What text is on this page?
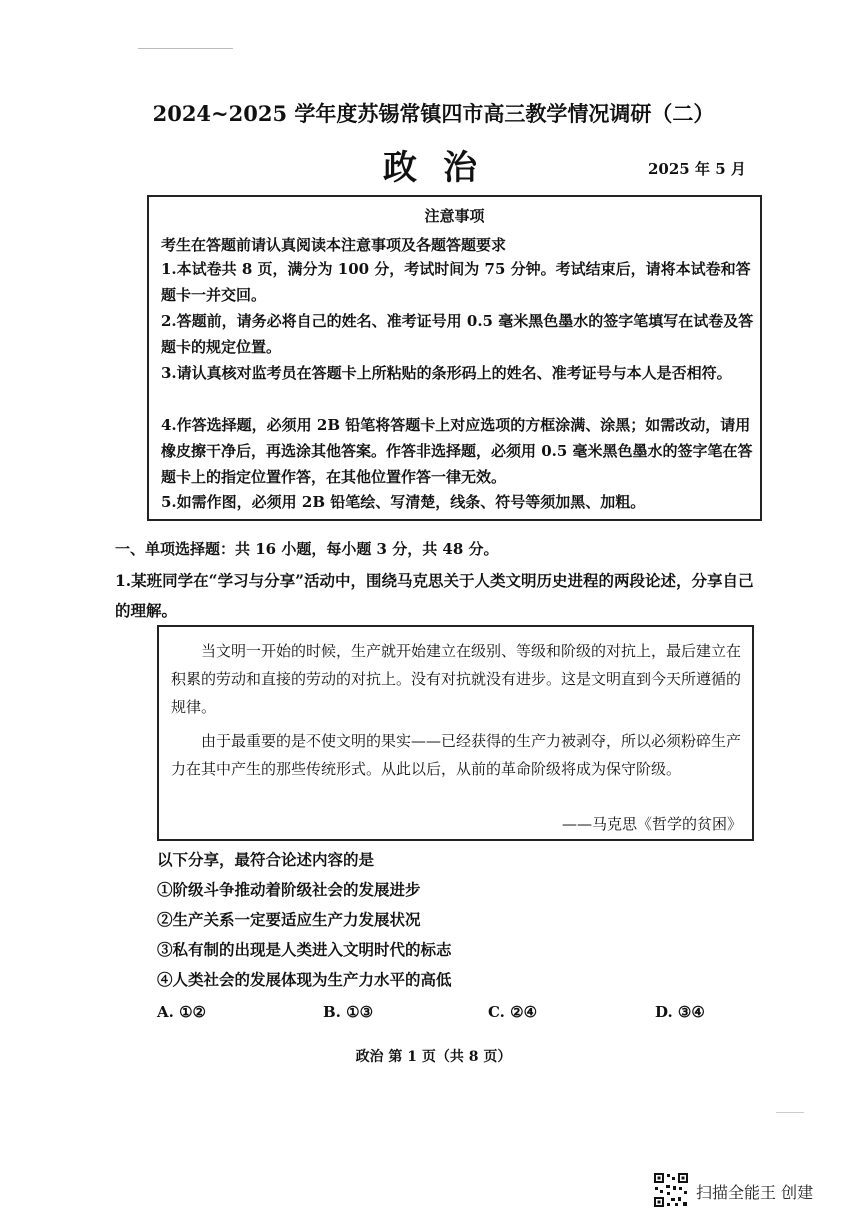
2024~2025 学年度苏锡常镇四市高三教学情况调研（二）
政治	2025 年 5 月
注意事项
考生在答题前请认真阅读本注意事项及各题答题要求
1.本试卷共 8 页，满分为 100 分，考试时间为 75 分钟。考试结束后，请将本试卷和答题卡一并交回。
2.答题前，请务必将自己的姓名、准考证号用 0.5 毫米黑色墨水的签字笔填写在试卷及答题卡的规定位置。
3.请认真核对监考员在答题卡上所粘贴的条形码上的姓名、准考证号与本人是否相符。
4.作答选择题，必须用 2B 铅笔将答题卡上对应选项的方框涂满、涂黑；如需改动，请用橡皮擦干净后，再选涂其他答案。作答非选择题，必须用 0.5 毫米黑色墨水的签字笔在答题卡上的指定位置作答，在其他位置作答一律无效。
5.如需作图，必须用 2B 铅笔绘、写清楚，线条、符号等须加黑、加粗。
一、单项选择题：共 16 小题，每小题 3 分，共 48 分。
1.某班同学在“学习与分享”活动中，围绕马克思关于人类文明历史进程的两段论述，分享自己的理解。
当文明一开始的时候，生产就开始建立在级别、等级和阶级的对抗上，最后建立在积累的劳动和直接的劳动的对抗上。没有对抗就没有进步。这是文明直到今天所遵循的规律。
由于最重要的是不使文明的果实——已经获得的生产力被剥夺，所以必须粉碎生产力在其中产生的那些传统形式。从此以后，从前的革命阶级将成为保守阶级。
——马克思《哲学的贫困》
以下分享，最符合论述内容的是
①阶级斗争推动着阶级社会的发展进步
②生产关系一定要适应生产力发展状况
③私有制的出现是人类进入文明时代的标志
④人类社会的发展体现为生产力水平的高低
A. ①②	B. ①③	C. ②④	D. ③④
政治 第 1 页（共 8 页）
扫描全能王 创建
